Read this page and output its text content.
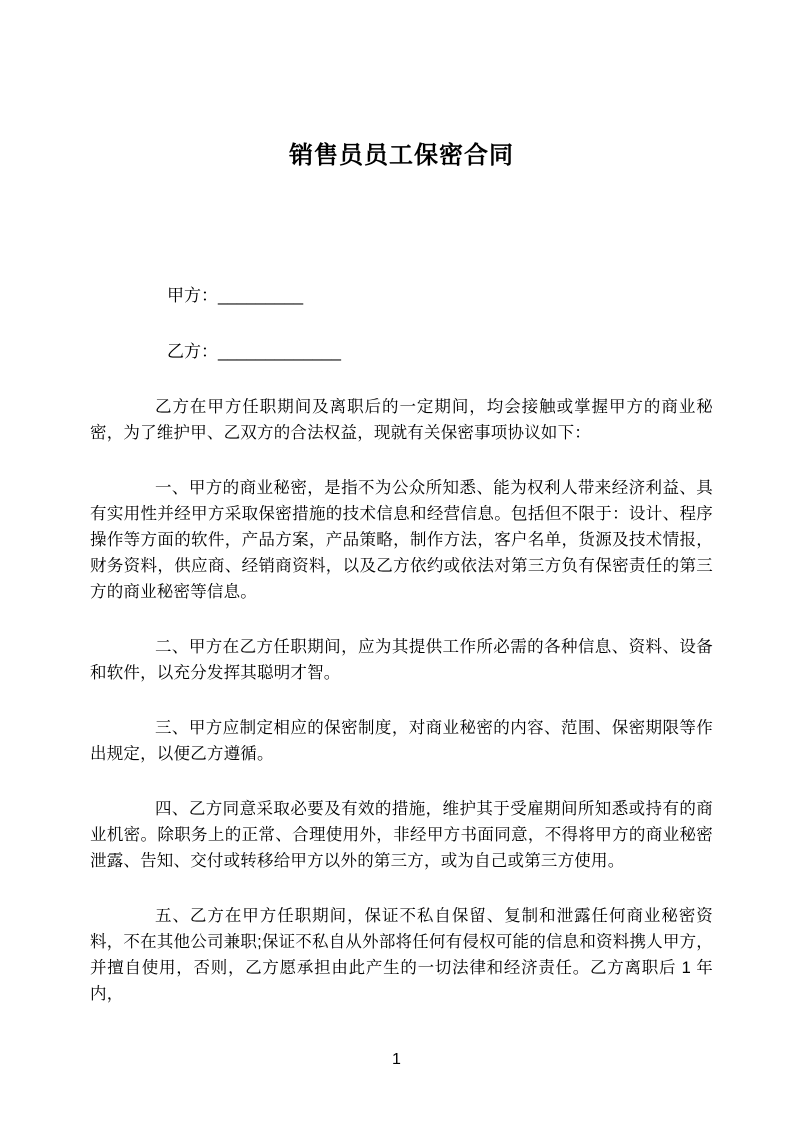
销售员员工保密合同
甲方：_________
乙方：_____________

乙方在甲方任职期间及离职后的一定期间，均会接触或掌握甲方的商业秘密，为了维护甲、乙双方的合法权益，现就有关保密事项协议如下：

一、甲方的商业秘密，是指不为公众所知悉、能为权利人带来经济利益、具有实用性并经甲方采取保密措施的技术信息和经营信息。包括但不限于：设计、程序操作等方面的软件，产品方案，产品策略，制作方法，客户名单，货源及技术情报，财务资料，供应商、经销商资料，以及乙方依约或依法对第三方负有保密责任的第三方的商业秘密等信息。

二、甲方在乙方任职期间，应为其提供工作所必需的各种信息、资料、设备和软件，以充分发挥其聪明才智。

三、甲方应制定相应的保密制度，对商业秘密的内容、范围、保密期限等作出规定，以便乙方遵循。

四、乙方同意采取必要及有效的措施，维护其于受雇期间所知悉或持有的商业机密。除职务上的正常、合理使用外，非经甲方书面同意，不得将甲方的商业秘密泄露、告知、交付或转移给甲方以外的第三方，或为自己或第三方使用。

五、乙方在甲方任职期间，保证不私自保留、复制和泄露任何商业秘密资料，不在其他公司兼职;保证不私自从外部将任何有侵权可能的信息和资料携人甲方，并擅自使用，否则，乙方愿承担由此产生的一切法律和经济责任。乙方离职后 1 年内，

1
